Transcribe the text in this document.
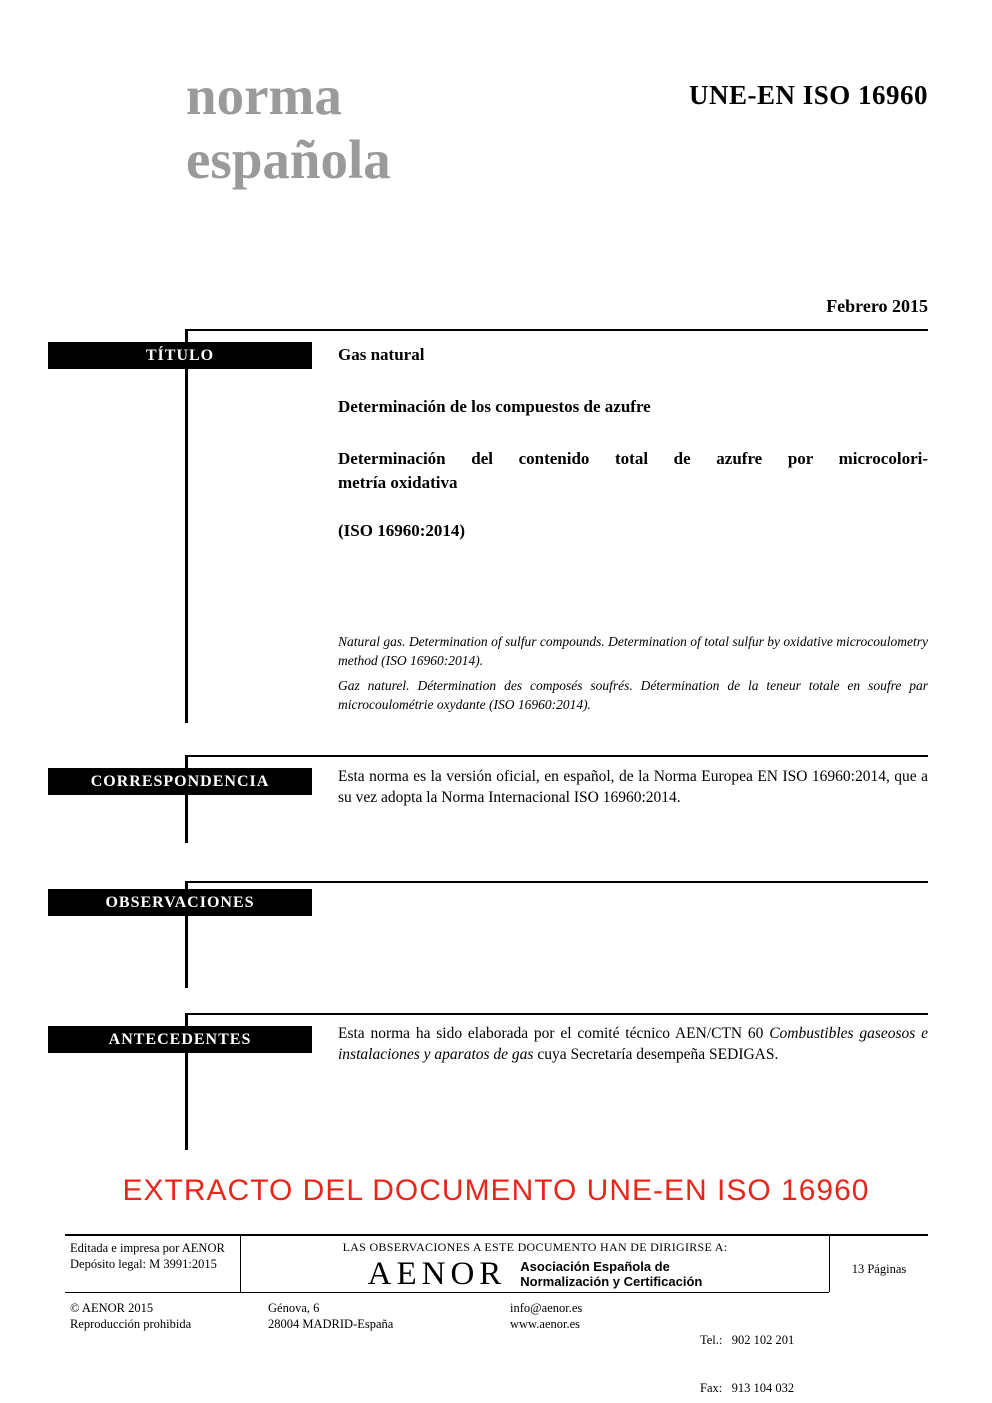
UNE-EN ISO 16960
norma
española
Febrero 2015
TÍTULO	Gas natural
Determinación de los compuestos de azufre
Determinación del contenido total de azufre por microcolori-
metría oxidativa
(ISO 16960:2014)
Natural gas. Determination of sulfur compounds. Determination of total sulfur by oxidative microcoulometry method (ISO 16960:2014).
Gaz naturel. Détermination des composés soufrés. Détermination de la teneur totale en soufre par microcoulométrie oxydante (ISO 16960:2014).
CORRESPONDENCIA	Esta norma es la versión oficial, en español, de la Norma Europea EN ISO 16960:2014, que a su vez adopta la Norma Internacional ISO 16960:2014.
OBSERVACIONES
ANTECEDENTES	Esta norma ha sido elaborada por el comité técnico AEN/CTN 60 Combustibles gaseosos e instalaciones y aparatos de gas cuya Secretaría desempeña SEDIGAS.
EXTRACTO DEL DOCUMENTO UNE-EN ISO 16960
Editada e impresa por AENOR
Depósito legal: M 3991:2015
LAS OBSERVACIONES A ESTE DOCUMENTO HAN DE DIRIGIRSE A:
AENOR Asociación Española de
Normalización y Certificación
13 Páginas
© AENOR 2015
Reproducción prohibida
Génova, 6
28004 MADRID-España
info@aenor.es
www.aenor.es

Tel.:   902 102 201

Fax:   913 104 032
